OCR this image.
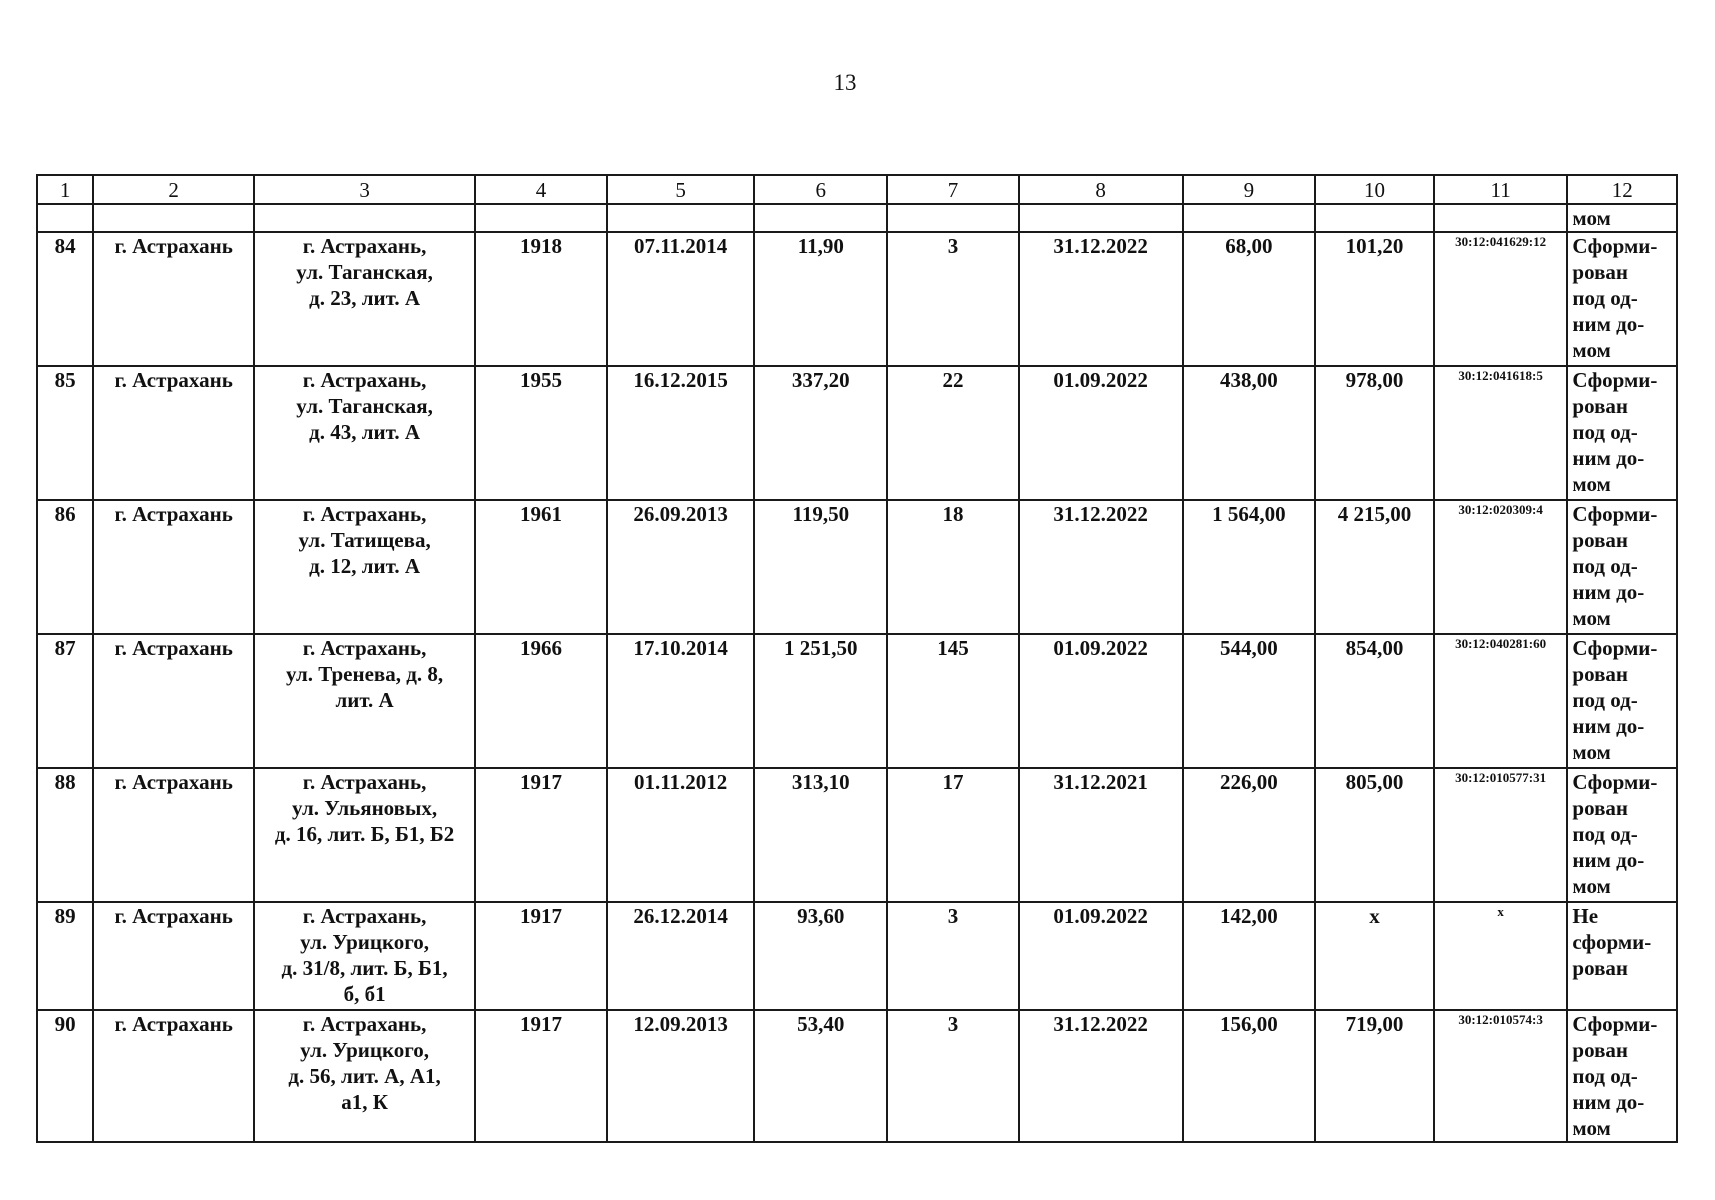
13
1	2	3	4	5	6	7	8	9	10	11	12
											мом
84	г. Астрахань	г. Астрахань,
ул. Таганская,
д. 23, лит. А	1918	07.11.2014	11,90	3	31.12.2022	68,00	101,20	30:12:041629:12	Сформи-
рован
под од-
ним до-
мом

85	г. Астрахань	г. Астрахань,
ул. Таганская,
д. 43, лит. А	1955	16.12.2015	337,20	22	01.09.2022	438,00	978,00	30:12:041618:5	Сформи-
рован
под од-
ним до-
мом

86	г. Астрахань	г. Астрахань,
ул. Татищева,
д. 12, лит. А	1961	26.09.2013	119,50	18	31.12.2022	1 564,00	4 215,00	30:12:020309:4	Сформи-
рован
под од-
ним до-
мом

87	г. Астрахань	г. Астрахань,
ул. Тренева, д. 8,
лит. А	1966	17.10.2014	1 251,50	145	01.09.2022	544,00	854,00	30:12:040281:60	Сформи-
рован
под од-
ним до-
мом

88	г. Астрахань	г. Астрахань,
ул. Ульяновых,
д. 16, лит. Б, Б1, Б2	1917	01.11.2012	313,10	17	31.12.2021	226,00	805,00	30:12:010577:31	Сформи-
рован
под од-
ним до-
мом

89	г. Астрахань	г. Астрахань,
ул. Урицкого,
д. 31/8, лит. Б, Б1,
б, б1	1917	26.12.2014	93,60	3	01.09.2022	142,00	х	х	Не
сформи-
рован

90	г. Астрахань	г. Астрахань,
ул. Урицкого,
д. 56, лит. А, А1,
а1, К	1917	12.09.2013	53,40	3	31.12.2022	156,00	719,00	30:12:010574:3	Сформи-
рован
под од-
ним до-
мом
